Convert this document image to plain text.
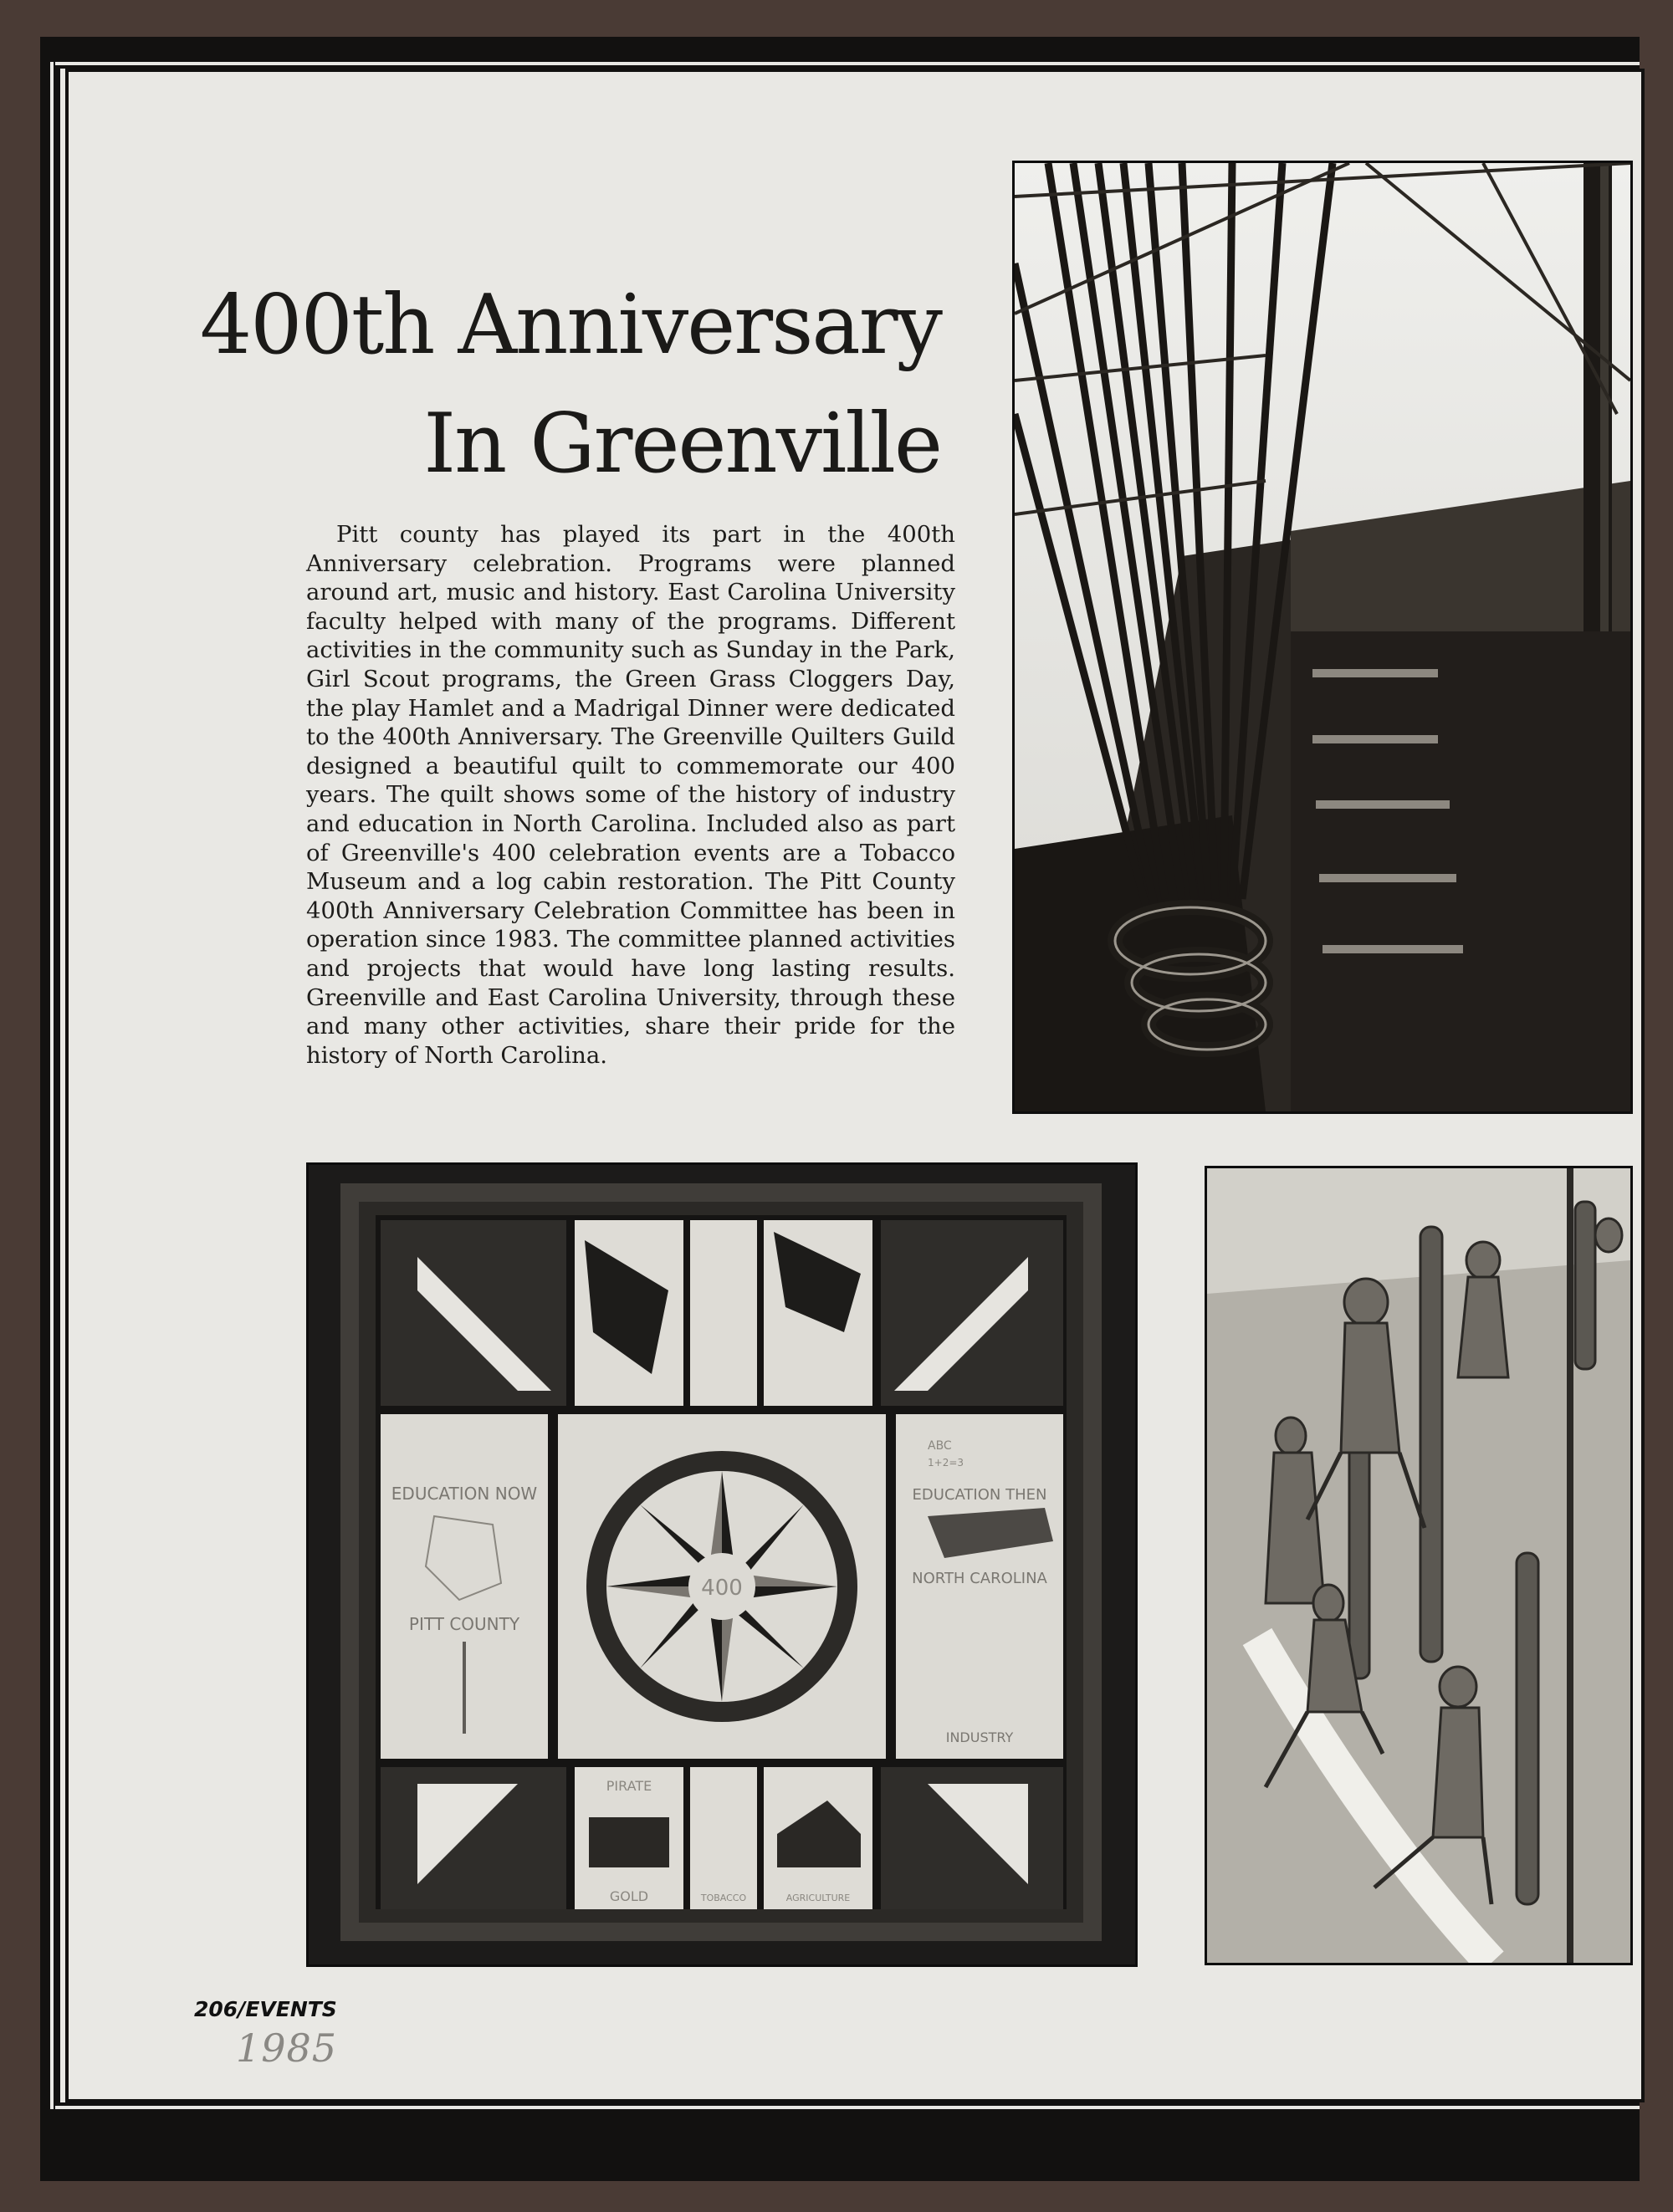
400th Anniversary
In Greenville

Pitt county has played its part in the 400th Anniversary celebration. Programs were planned around art, music and history. East Carolina University faculty helped with many of the programs. Different activities in the community such as Sunday in the Park, Girl Scout programs, the Green Grass Cloggers Day, the play Hamlet and a Madrigal Dinner were dedicated to the 400th Anniversary. The Greenville Quilters Guild designed a beautiful quilt to commemorate our 400 years. The quilt shows some of the history of industry and education in North Carolina. Included also as part of Greenville's 400 celebration events are a Tobacco Museum and a log cabin restoration. The Pitt County 400th Anniversary Celebration Committee has been in operation since 1983. The committee planned activities and projects that would have long lasting results. Greenville and East Carolina University, through these and many other activities, share their pride for the history of North Carolina.

400
EDUCATION NOW
PITT COUNTY
ABC
1+2=3
EDUCATION THEN
NORTH CAROLINA
INDUSTRY
PIRATE
GOLD	TOBACCO	AGRICULTURE
206/EVENTS
1985
